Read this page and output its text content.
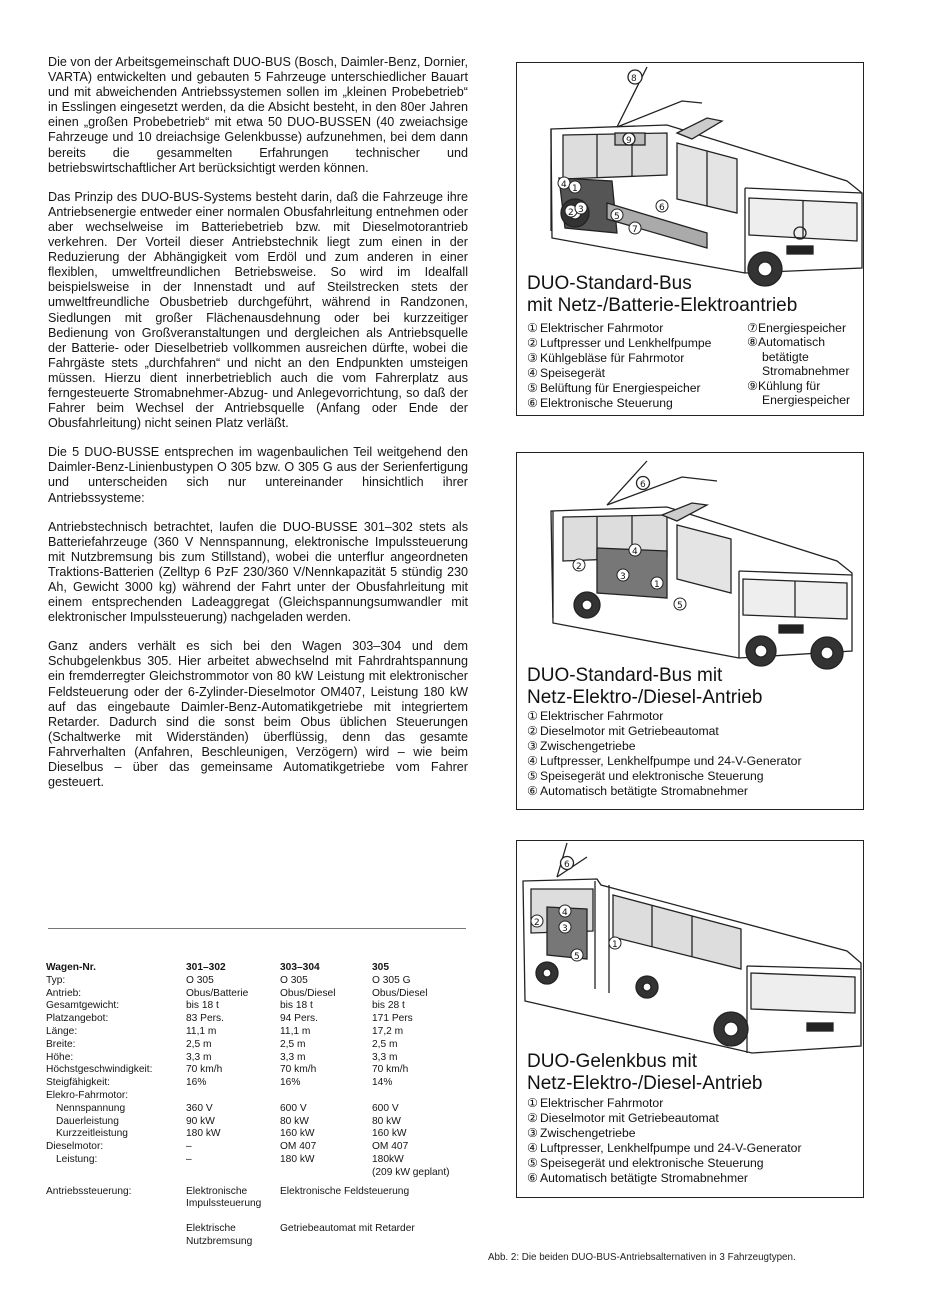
Die von der Arbeitsgemeinschaft DUO-BUS (Bosch, Daimler-Benz, Dornier, VARTA) entwickelten und gebauten 5 Fahrzeuge unterschiedlicher Bauart und mit abweichenden Antriebssystemen sollen im „kleinen Probebetrieb“ in Esslingen eingesetzt werden, da die Absicht besteht, in den 80er Jahren einen „großen Probebetrieb“ mit etwa 50 DUO-BUSSEN (40 zweiachsige Fahrzeuge und 10 dreiachsige Gelenkbusse) aufzunehmen, bei dem dann bereits die gesammelten Erfahrungen technischer und betriebswirtschaftlicher Art berücksichtigt werden können.

Das Prinzip des DUO-BUS-Systems besteht darin, daß die Fahrzeuge ihre Antriebsenergie entweder einer normalen Obusfahrleitung entnehmen oder aber wechselweise im Batteriebetrieb bzw. mit Dieselmotorantrieb verkehren. Der Vorteil dieser Antriebstechnik liegt zum einen in der Reduzierung der Abhängigkeit vom Erdöl und zum anderen in einer flexiblen, umweltfreundlichen Betriebsweise. So wird im Idealfall beispielsweise in der Innenstadt und auf Steilstrecken stets der umweltfreundliche Obusbetrieb durchgeführt, während in Randzonen, Siedlungen mit großer Flächenausdehnung oder bei kurzzeitiger Bedienung von Großveranstaltungen und dergleichen als Antriebsquelle der Batterie- oder Dieselbetrieb vollkommen ausreichen dürfte, wobei die Fahrgäste stets „durchfahren“ und nicht an den Endpunkten umsteigen müssen. Hierzu dient innerbetrieblich auch die vom Fahrerplatz aus ferngesteuerte Stromabnehmer-Abzug- und Anlegevorrichtung, so daß der Fahrer beim Wechsel der Antriebsquelle (Anfang oder Ende der Obusfahrleitung) nicht seinen Platz verläßt.

Die 5 DUO-BUSSE entsprechen im wagenbaulichen Teil weitgehend den Daimler-Benz-Linienbustypen O 305 bzw. O 305 G aus der Serienfertigung und unterscheiden sich nur untereinander hinsichtlich ihrer Antriebssysteme:

Antriebstechnisch betrachtet, laufen die DUO-BUSSE 301–302 stets als Batteriefahrzeuge (360 V Nennspannung, elektronische Impulssteuerung mit Nutzbremsung bis zum Stillstand), wobei die unterflur angeordneten Traktions-Batterien (Zelltyp 6 PzF 230/360 V/Nennkapazität 5 stündig 230 Ah, Gewicht 3000 kg) während der Fahrt unter der Obusfahrleitung mit einem entsprechenden Ladeaggregat (Gleichspannungsumwandler mit elektronischer Impulssteuerung) nachgeladen werden.

Ganz anders verhält es sich bei den Wagen 303–304 und dem Schubgelenkbus 305. Hier arbeitet abwechselnd mit Fahrdrahtspannung ein fremderregter Gleichstrommotor von 80 kW Leistung mit elektronischer Feldsteuerung oder der 6-Zylinder-Dieselmotor OM407, Leistung 180 kW auf das eingebaute Daimler-Benz-Automatikgetriebe mit integriertem Retarder. Dadurch sind die sonst beim Obus üblichen Steuerungen (Schaltwerke mit Widerständen) überflüssig, denn das gesamte Fahrverhalten (Anfahren, Beschleunigen, Verzögern) wird – wie beim Dieselbus – über das gemeinsame Automatikgetriebe vom Fahrer gesteuert.

Wagen-Nr.	301–302	303–304	305
Typ:	O 305	O 305	O 305 G
Antrieb:	Obus/Batterie	Obus/Diesel	Obus/Diesel
Gesamtgewicht:	bis 18 t	bis 18 t	bis 28 t
Platzangebot:	83 Pers.	94 Pers.	171 Pers
Länge:	11,1 m	11,1 m	17,2 m
Breite:	2,5 m	2,5 m	2,5 m
Höhe:	3,3 m	3,3 m	3,3 m
Höchstgeschwindigkeit:	70 km/h	70 km/h	70 km/h
Steigfähigkeit:	16%	16%	14%
Elekro-Fahrmotor:
Nennspannung	360 V	600 V	600 V
Dauerleistung	90 kW	80 kW	80 kW
Kurzzeitleistung	180 kW	160 kW	160 kW
Dieselmotor:	–	OM 407	OM 407
Leistung:	–	180 kW	180kW
(209 kW geplant)
Antriebssteuerung:	Elektronische	Elektronische Feldsteuerung
Impulssteuerung
Elektrische	Getriebeautomat mit Retarder
Nutzbremsung
8
9
4 1
2 3
5
6
7
DUO-Standard-Bus
mit Netz-/Batterie-Elektroantrieb
① Elektrischer Fahrmotor
② Luftpresser und Lenkhelfpumpe
③ Kühlgebläse für Fahrmotor
④ Speisegerät
⑤ Belüftung für Energiespeicher
⑥ Elektronische Steuerung
⑦Energiespeicher
⑧Automatisch
betätigte
Stromabnehmer
⑨Kühlung für
Energiespeicher
6
2
4
3
1
5
DUO-Standard-Bus mit
Netz-Elektro-/Diesel-Antrieb
① Elektrischer Fahrmotor
② Dieselmotor mit Getriebeautomat
③ Zwischengetriebe
④ Luftpresser, Lenkhelfpumpe und 24-V-Generator
⑤ Speisegerät und elektronische Steuerung
⑥ Automatisch betätigte Stromabnehmer
6
2
4
3
1
5
DUO-Gelenkbus mit
Netz-Elektro-/Diesel-Antrieb
① Elektrischer Fahrmotor
② Dieselmotor mit Getriebeautomat
③ Zwischengetriebe
④ Luftpresser, Lenkhelfpumpe und 24-V-Generator
⑤ Speisegerät und elektronische Steuerung
⑥ Automatisch betätigte Stromabnehmer
Abb. 2: Die beiden DUO-BUS-Antriebsalternativen in 3 Fahrzeugtypen.
